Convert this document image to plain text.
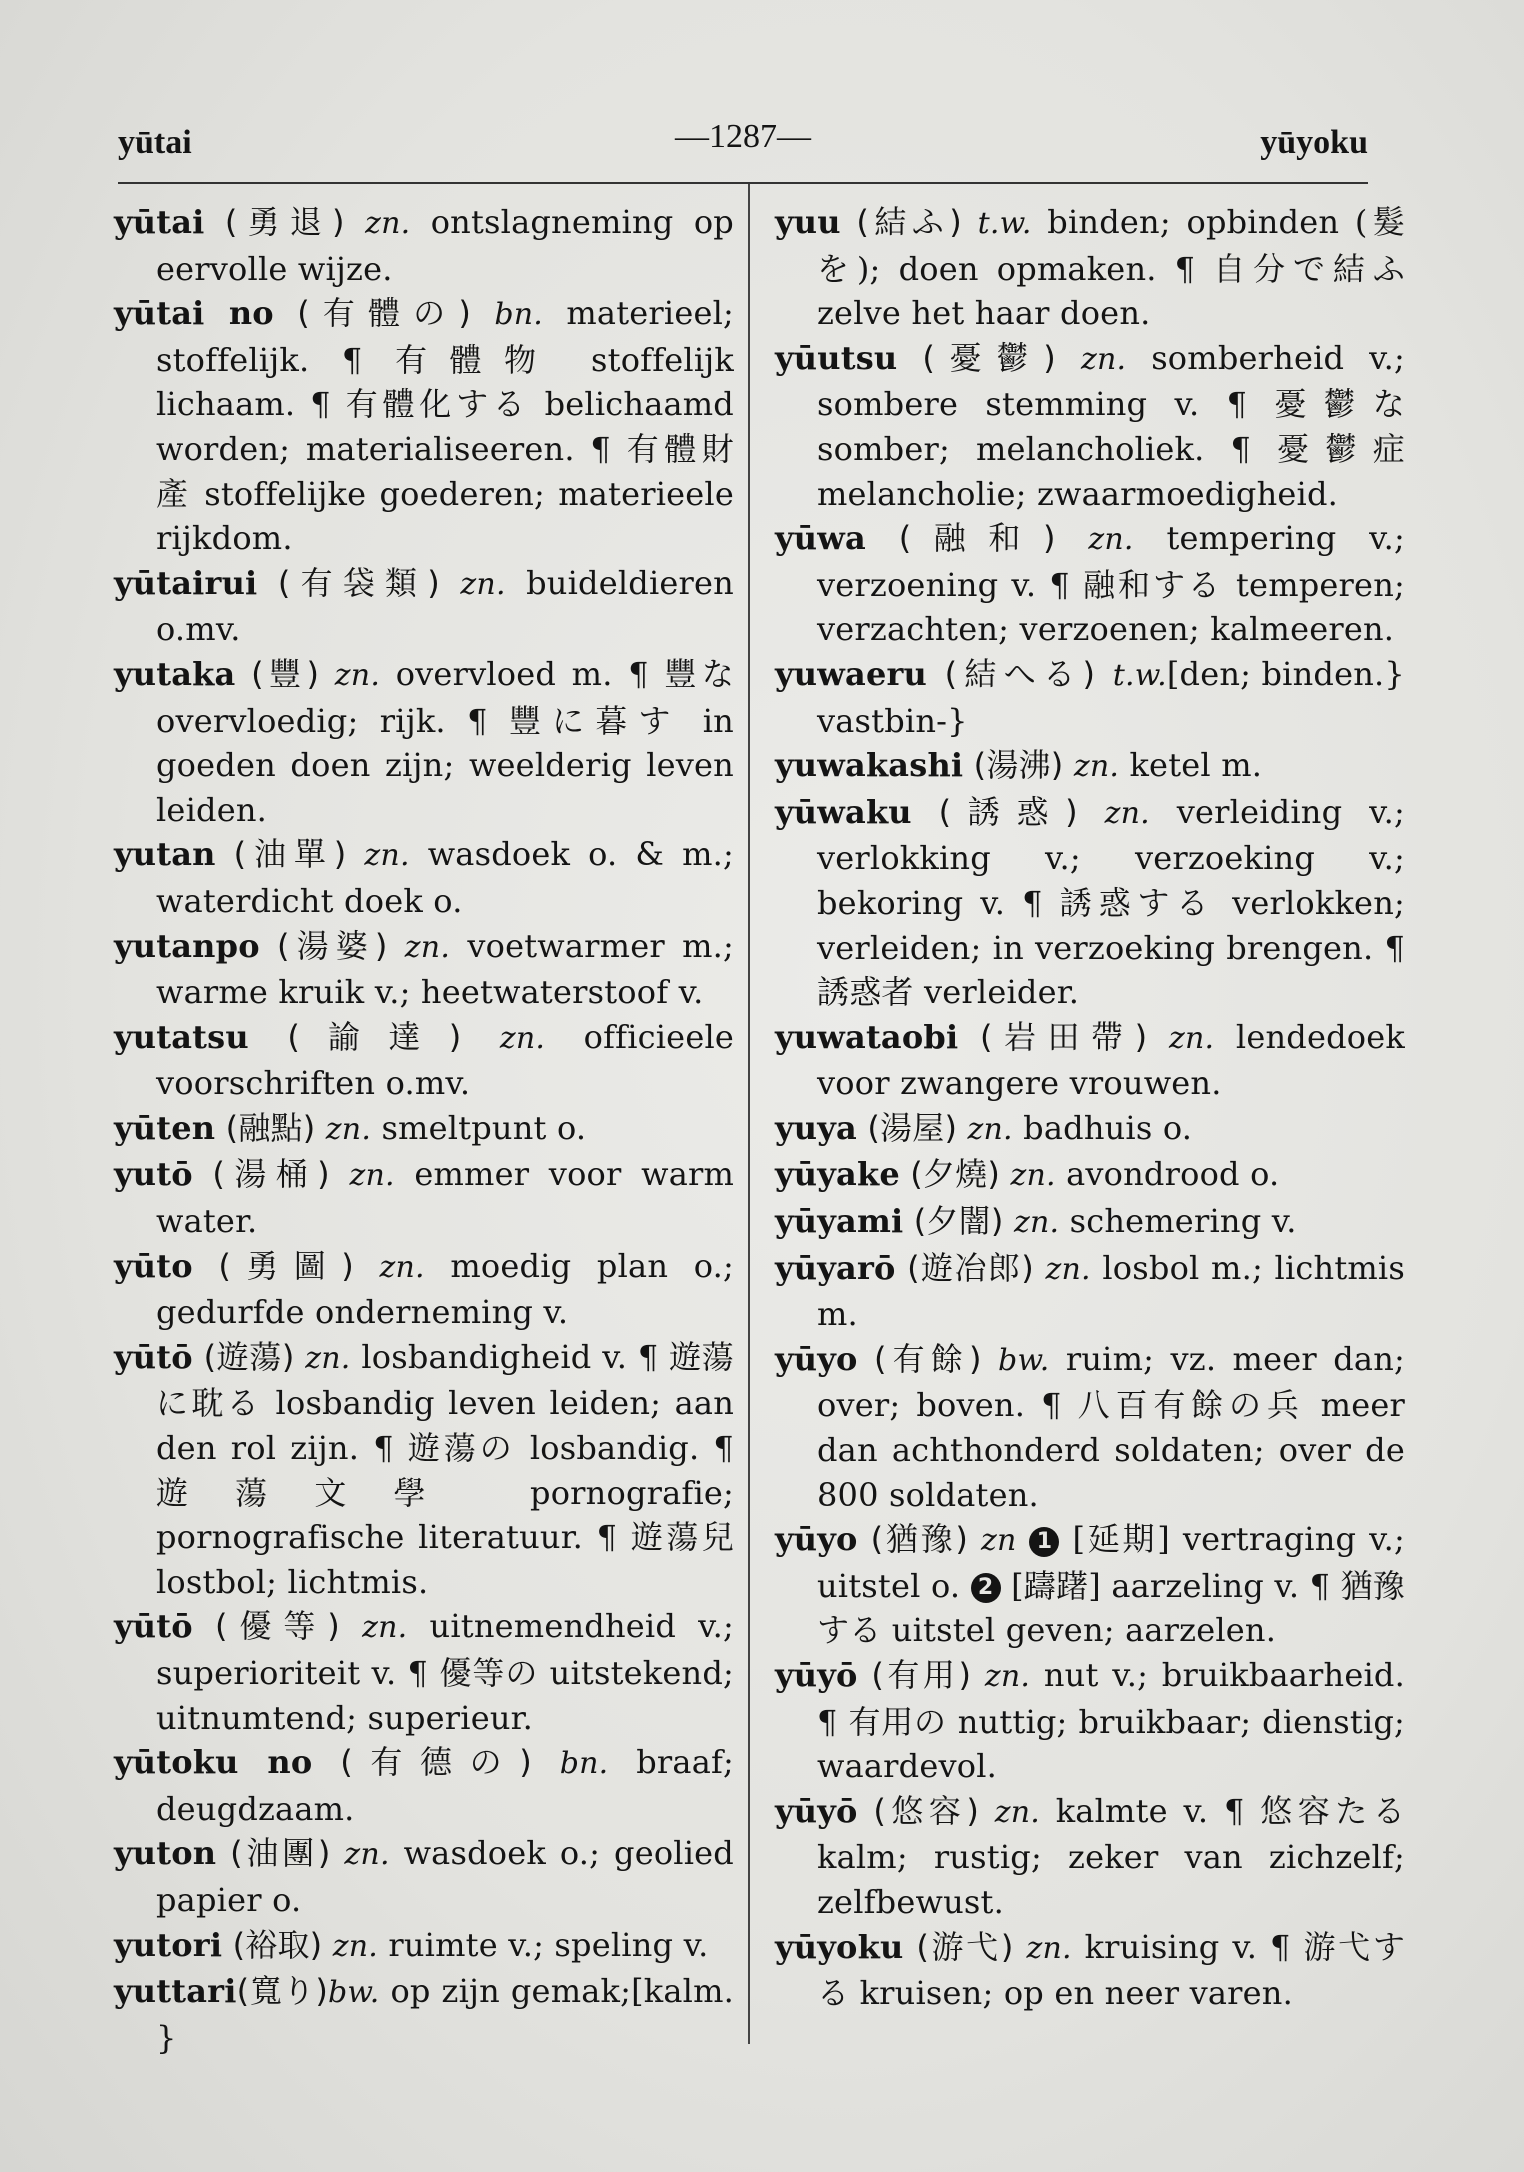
yūtai	—1287—	yūyoku

yūtai (勇退) zn. ontslagneming op eervolle wijze.

yūtai no (有體の) bn. materieel; stoffelijk. ¶ 有體物 stoffelijk lichaam. ¶ 有體化する belichaamd worden; materialiseeren. ¶ 有體財產 stoffelijke goederen; materieele rijkdom.

yūtairui (有袋類) zn. buideldieren o.mv.

yutaka (豐) zn. overvloed m. ¶ 豐な overvloedig; rijk. ¶ 豐に暮す in goeden doen zijn; weelderig leven leiden.

yutan (油單) zn. wasdoek o. & m.; waterdicht doek o.

yutanpo (湯婆) zn. voetwarmer m.; warme kruik v.; heetwaterstoof v.

yutatsu (諭達) zn. officieele voorschriften o.mv.

yūten (融點) zn. smeltpunt o.

yutō (湯桶) zn. emmer voor warm water.

yūto (勇圖) zn. moedig plan o.; gedurfde onderneming v.

yūtō (遊蕩) zn. losbandigheid v. ¶ 遊蕩に耽る losbandig leven leiden; aan den rol zijn. ¶ 遊蕩の losbandig. ¶ 遊蕩文學 pornografie; pornografische literatuur. ¶ 遊蕩兒 lostbol; lichtmis.

yūtō (優等) zn. uitnemendheid v.; superioriteit v. ¶ 優等の uitstekend; uitnumtend; superieur.

yūtoku no (有德の) bn. braaf; deugdzaam.

yuton (油團) zn. wasdoek o.; geolied papier o.

yutori (裕取) zn. ruimte v.; speling v.
[kalm.

yuttari(寬り)bw. op zijn gemak; }

yuu (結ふ) t.w. binden; opbinden (髮を); doen opmaken. ¶ 自分で結ふ zelve het haar doen.

yūutsu (憂鬱) zn. somberheid v.; sombere stemming v. ¶ 憂鬱な somber; melancholiek. ¶ 憂鬱症 melancholie; zwaarmoedigheid.

yūwa (融和) zn. tempering v.; verzoening v. ¶ 融和する temperen; verzachten; verzoenen; kalmeeren.
[den; binden.}

yuwaeru (結へる) t.w. vastbin-}

yuwakashi (湯沸) zn. ketel m.

yūwaku (誘惑) zn. verleiding v.; verlokking v.; verzoeking v.; bekoring v. ¶ 誘惑する verlokken; verleiden; in verzoeking brengen. ¶ 誘惑者 verleider.

yuwataobi (岩田帶) zn. lendedoek voor zwangere vrouwen.

yuya (湯屋) zn. badhuis o.

yūyake (夕燒) zn. avondrood o.

yūyami (夕闇) zn. schemering v.

yūyarō (遊冶郎) zn. losbol m.; lichtmis m.

yūyo (有餘) bw. ruim; vz. meer dan; over; boven. ¶ 八百有餘の兵 meer dan achthonderd soldaten; over de 800 soldaten.

yūyo (猶豫) zn 1 [延期] vertraging v.; uitstel o. 2 [躊躇] aarzeling v. ¶ 猶豫する uitstel geven; aarzelen.

yūyō (有用) zn. nut v.; bruikbaarheid. ¶ 有用の nuttig; bruikbaar; dienstig; waardevol.

yūyō (悠容) zn. kalmte v. ¶ 悠容たる kalm; rustig; zeker van zichzelf; zelfbewust.

yūyoku (游弋) zn. kruising v. ¶ 游弋する kruisen; op en neer varen.
